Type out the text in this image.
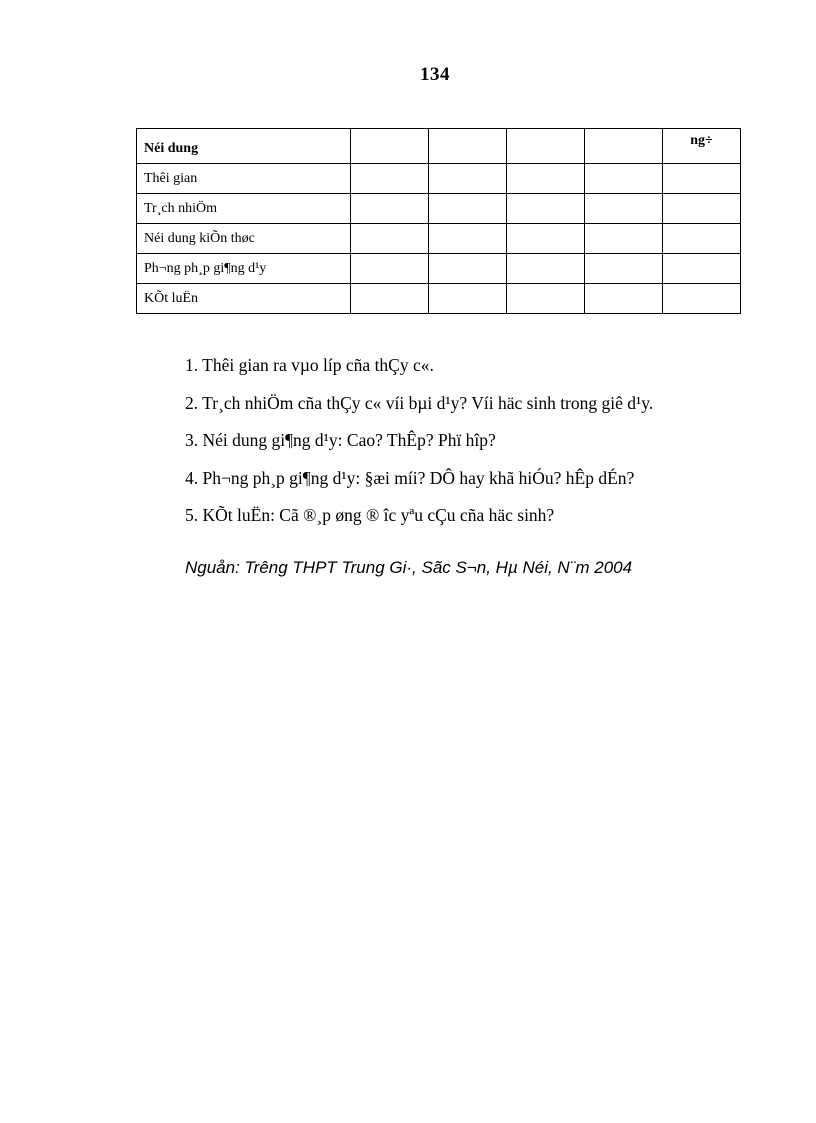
134
Néi dung					ng÷
Thêi gian					
Tr¸ch nhiÖm					
Néi dung kiÕn thøc					
Ph¬ng ph¸p gi¶ng d¹y					
KÕt luËn					
1. Thêi gian ra vµo líp cña thÇy c«.
2. Tr¸ch nhiÖm cña thÇy c« víi bµi d¹y? Víi häc sinh trong giê d¹y.
3. Néi dung gi¶ng d¹y: Cao? ThÊp? Phï hîp?
4. Ph¬ng ph¸p gi¶ng d¹y: §æi míi? DÔ hay khã hiÓu? hÊp dÉn?
5. KÕt luËn: Cã ®¸p øng ® îc yªu cÇu cña häc sinh?
Nguån: Trêng THPT Trung Gi·, Sãc S¬n, Hµ Néi, N¨m 2004
